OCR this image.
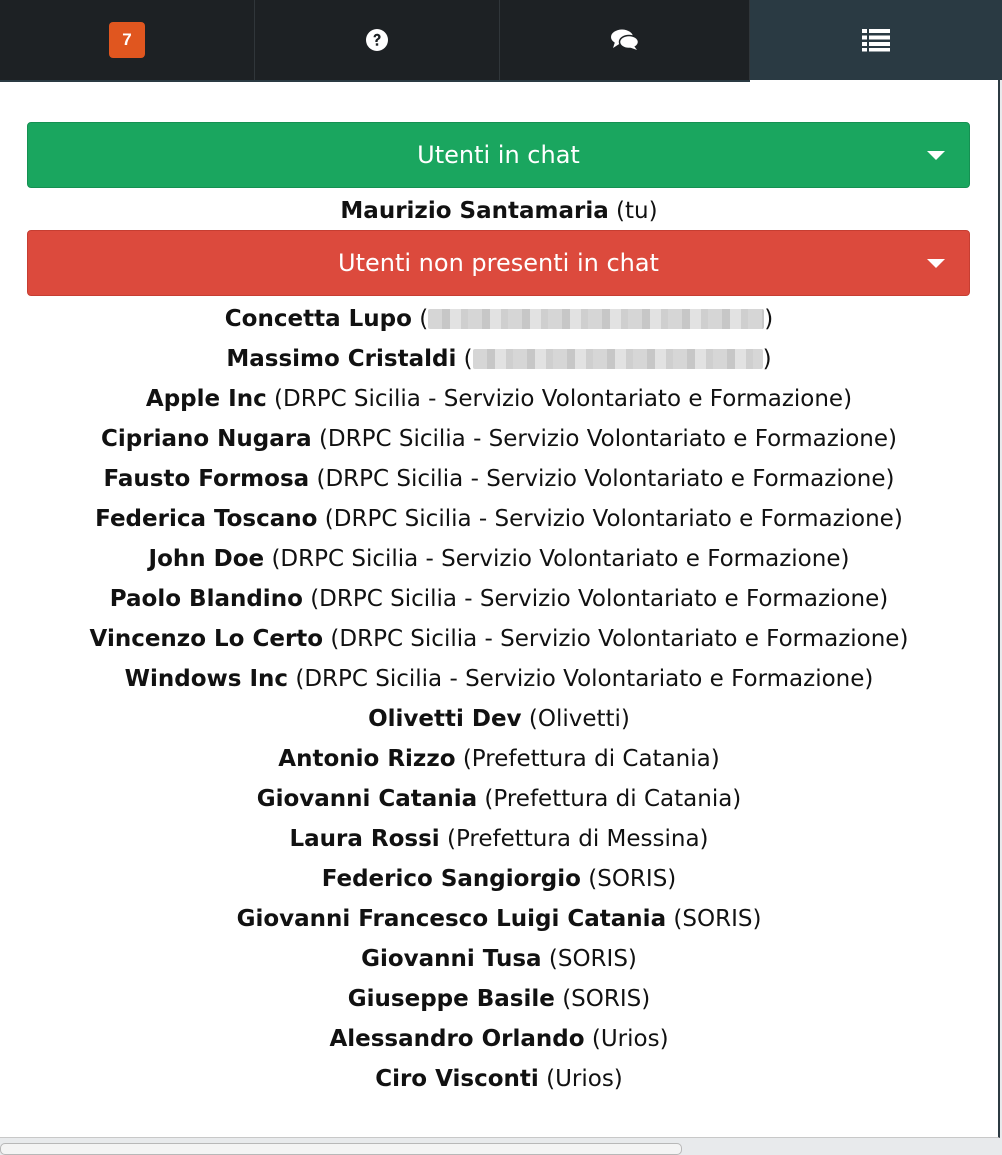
7
Utenti in chat
Maurizio Santamaria (tu)
Utenti non presenti in chat
Concetta Lupo (	)
Massimo Cristaldi (	)
Apple Inc (DRPC Sicilia - Servizio Volontariato e Formazione)
Cipriano Nugara (DRPC Sicilia - Servizio Volontariato e Formazione)
Fausto Formosa (DRPC Sicilia - Servizio Volontariato e Formazione)
Federica Toscano (DRPC Sicilia - Servizio Volontariato e Formazione)
John Doe (DRPC Sicilia - Servizio Volontariato e Formazione)
Paolo Blandino (DRPC Sicilia - Servizio Volontariato e Formazione)
Vincenzo Lo Certo (DRPC Sicilia - Servizio Volontariato e Formazione)
Windows Inc (DRPC Sicilia - Servizio Volontariato e Formazione)
Olivetti Dev (Olivetti)
Antonio Rizzo (Prefettura di Catania)
Giovanni Catania (Prefettura di Catania)
Laura Rossi (Prefettura di Messina)
Federico Sangiorgio (SORIS)
Giovanni Francesco Luigi Catania (SORIS)
Giovanni Tusa (SORIS)
Giuseppe Basile (SORIS)
Alessandro Orlando (Urios)
Ciro Visconti (Urios)
